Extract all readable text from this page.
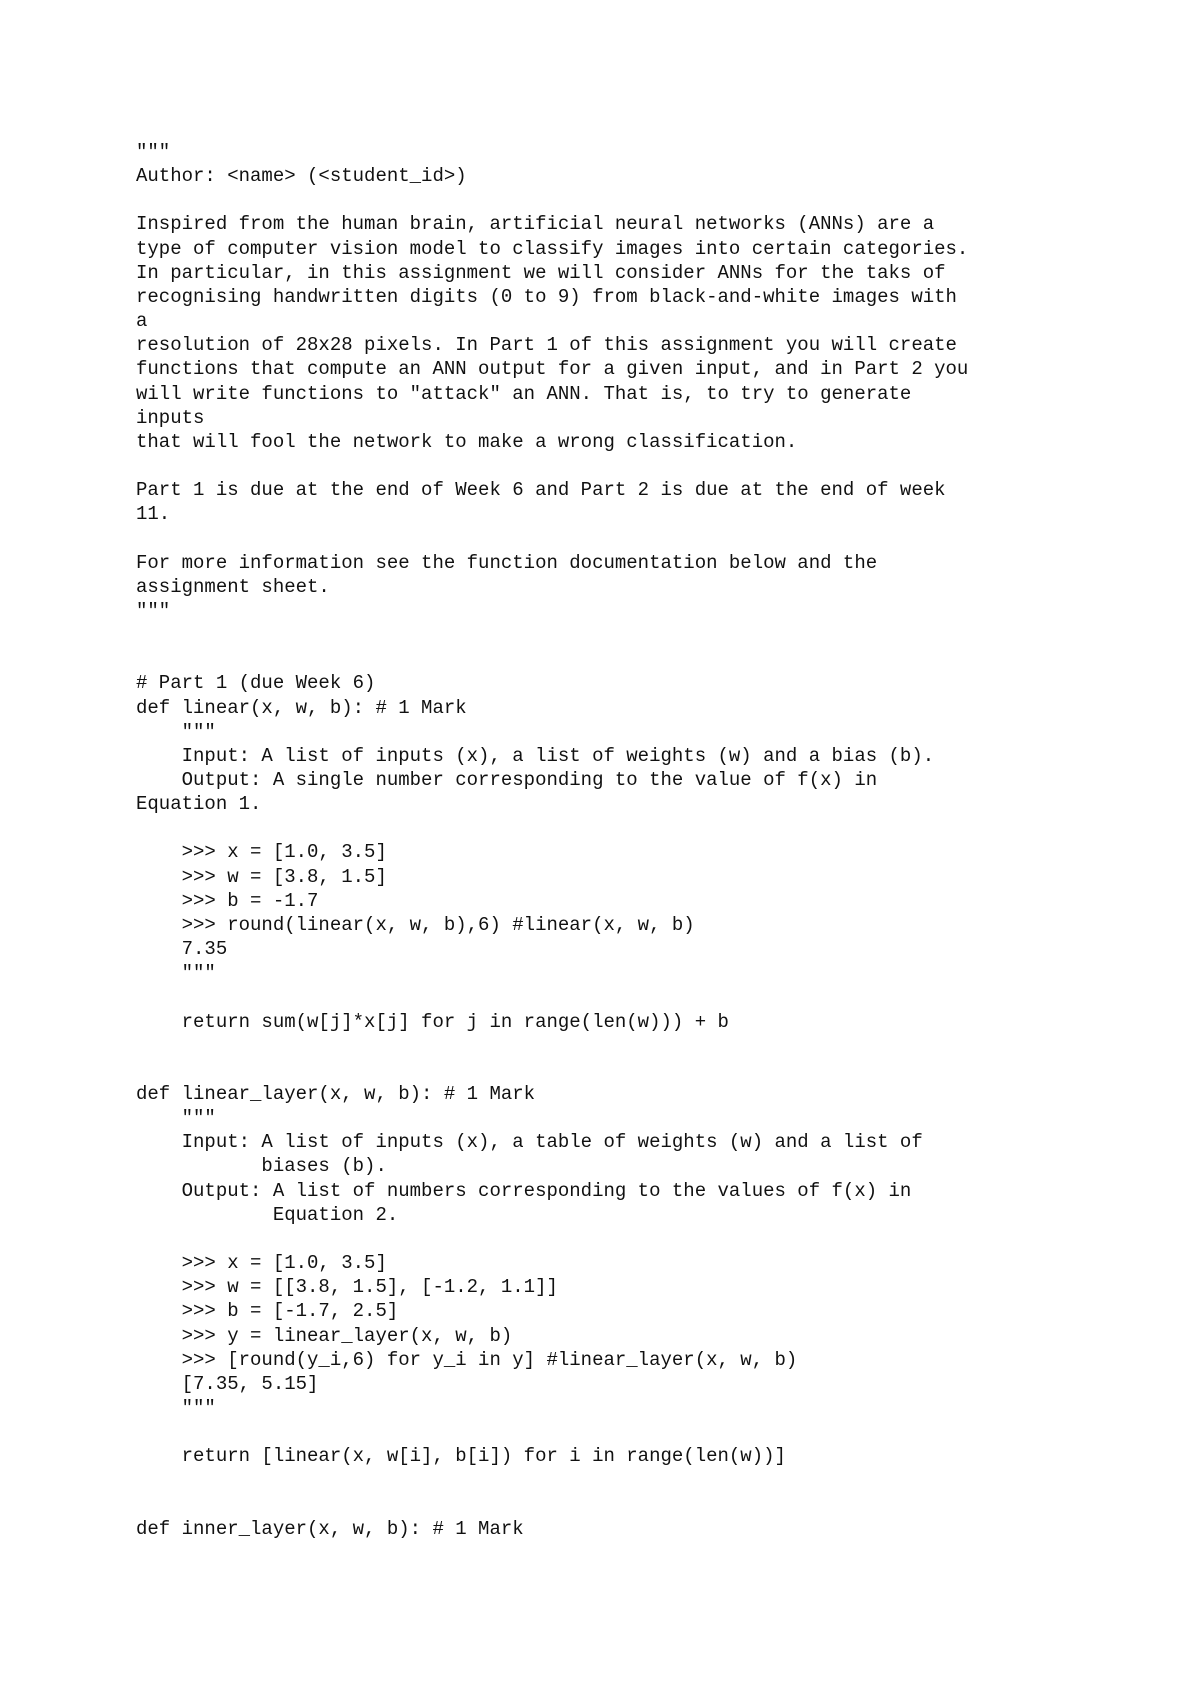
"""
Author: <name> (<student_id>)
Inspired from the human brain, artificial neural networks (ANNs) are a
type of computer vision model to classify images into certain categories.
In particular, in this assignment we will consider ANNs for the taks of
recognising handwritten digits (0 to 9) from black-and-white images with
a
resolution of 28x28 pixels. In Part 1 of this assignment you will create
functions that compute an ANN output for a given input, and in Part 2 you
will write functions to "attack" an ANN. That is, to try to generate
inputs
that will fool the network to make a wrong classification.
Part 1 is due at the end of Week 6 and Part 2 is due at the end of week
11.
For more information see the function documentation below and the
assignment sheet.
"""
# Part 1 (due Week 6)
def linear(x, w, b): # 1 Mark
"""
Input: A list of inputs (x), a list of weights (w) and a bias (b).
Output: A single number corresponding to the value of f(x) in
Equation 1.
>>> x = [1.0, 3.5]
>>> w = [3.8, 1.5]
>>> b = -1.7
>>> round(linear(x, w, b),6) #linear(x, w, b)
7.35
"""
return sum(w[j]*x[j] for j in range(len(w))) + b
def linear_layer(x, w, b): # 1 Mark
"""
Input: A list of inputs (x), a table of weights (w) and a list of
biases (b).
Output: A list of numbers corresponding to the values of f(x) in
Equation 2.
>>> x = [1.0, 3.5]
>>> w = [[3.8, 1.5], [-1.2, 1.1]]
>>> b = [-1.7, 2.5]
>>> y = linear_layer(x, w, b)
>>> [round(y_i,6) for y_i in y] #linear_layer(x, w, b)
[7.35, 5.15]
"""
return [linear(x, w[i], b[i]) for i in range(len(w))]
def inner_layer(x, w, b): # 1 Mark
